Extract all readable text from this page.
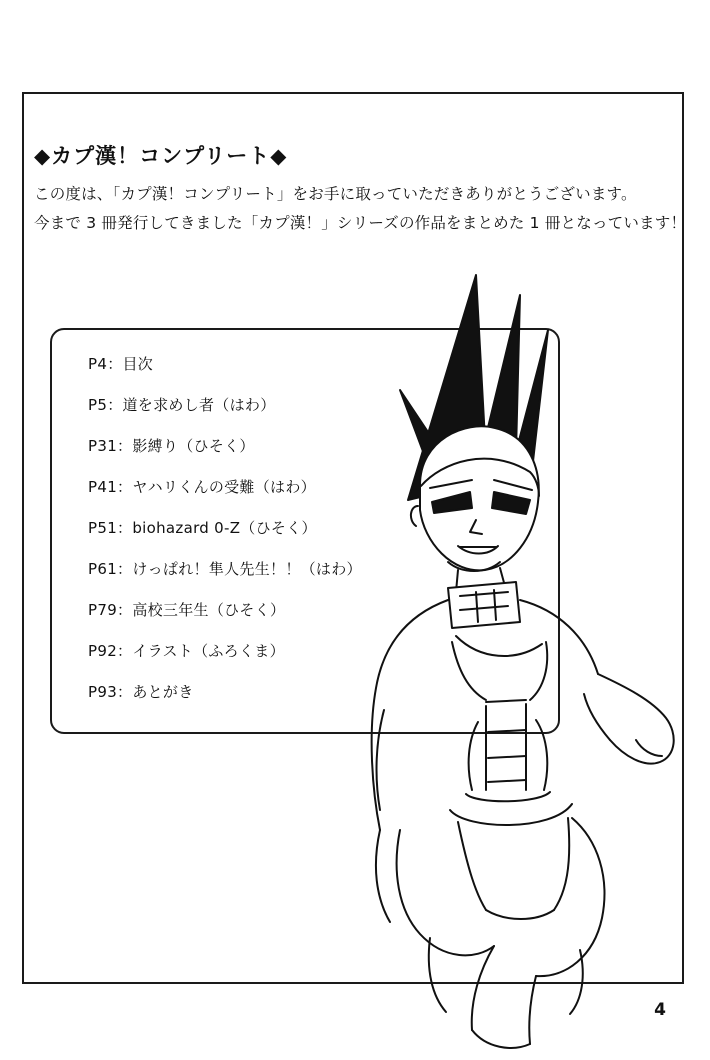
◆カプ漢！コンプリート◆
この度は、「カプ漢！コンプリート」をお手に取っていただきありがとうございます。
今まで 3 冊発行してきました「カプ漢！」シリーズの作品をまとめた 1 冊となっています！
P4：目次
P5：道を求めし者（はわ）
P31：影縛り（ひそく）
P41：ヤハリくんの受難（はわ）
P51：biohazard 0-Z（ひそく）
P61：けっぱれ！隼人先生！！（はわ）
P79：高校三年生（ひそく）
P92：イラスト（ふろくま）
P93：あとがき
4
